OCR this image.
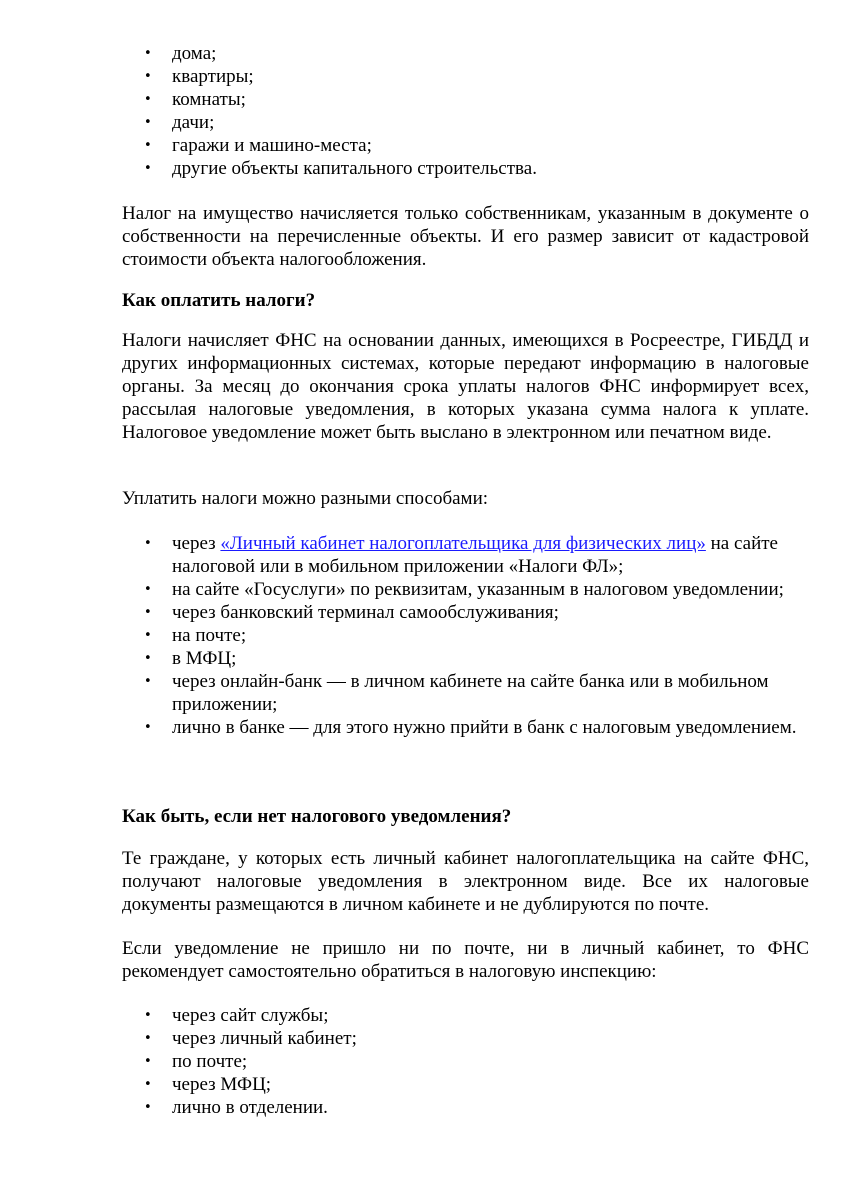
• дома;
• квартиры;
• комнаты;
• дачи;
• гаражи и машино-места;
• другие объекты капитального строительства.

Налог на имущество начисляется только собственникам, указанным в документе о собственности на перечисленные объекты. И его размер зависит от кадастровой стоимости объекта налогообложения.

Как оплатить налоги?

Налоги начисляет ФНС на основании данных, имеющихся в Росреестре, ГИБДД и других информационных системах, которые передают информацию в налоговые органы. За месяц до окончания срока уплаты налогов ФНС информирует всех, рассылая налоговые уведомления, в которых указана сумма налога к уплате. Налоговое уведомление может быть выслано в электронном или печатном виде.

Уплатить налоги можно разными способами:

• через «Личный кабинет налогоплательщика для физических лиц» на сайте налоговой или в мобильном приложении «Налоги ФЛ»;
• на сайте «Госуслуги» по реквизитам, указанным в налоговом уведомлении;
• через банковский терминал самообслуживания;
• на почте;
• в МФЦ;
• через онлайн-банк — в личном кабинете на сайте банка или в мобильном приложении;
• лично в банке — для этого нужно прийти в банк с налоговым уведомлением.

Как быть, если нет налогового уведомления?

Те граждане, у которых есть личный кабинет налогоплательщика на сайте ФНС, получают налоговые уведомления в электронном виде. Все их налоговые документы размещаются в личном кабинете и не дублируются по почте.

Если уведомление не пришло ни по почте, ни в личный кабинет, то ФНС рекомендует самостоятельно обратиться в налоговую инспекцию:

• через сайт службы;
• через личный кабинет;
• по почте;
• через МФЦ;
• лично в отделении.
